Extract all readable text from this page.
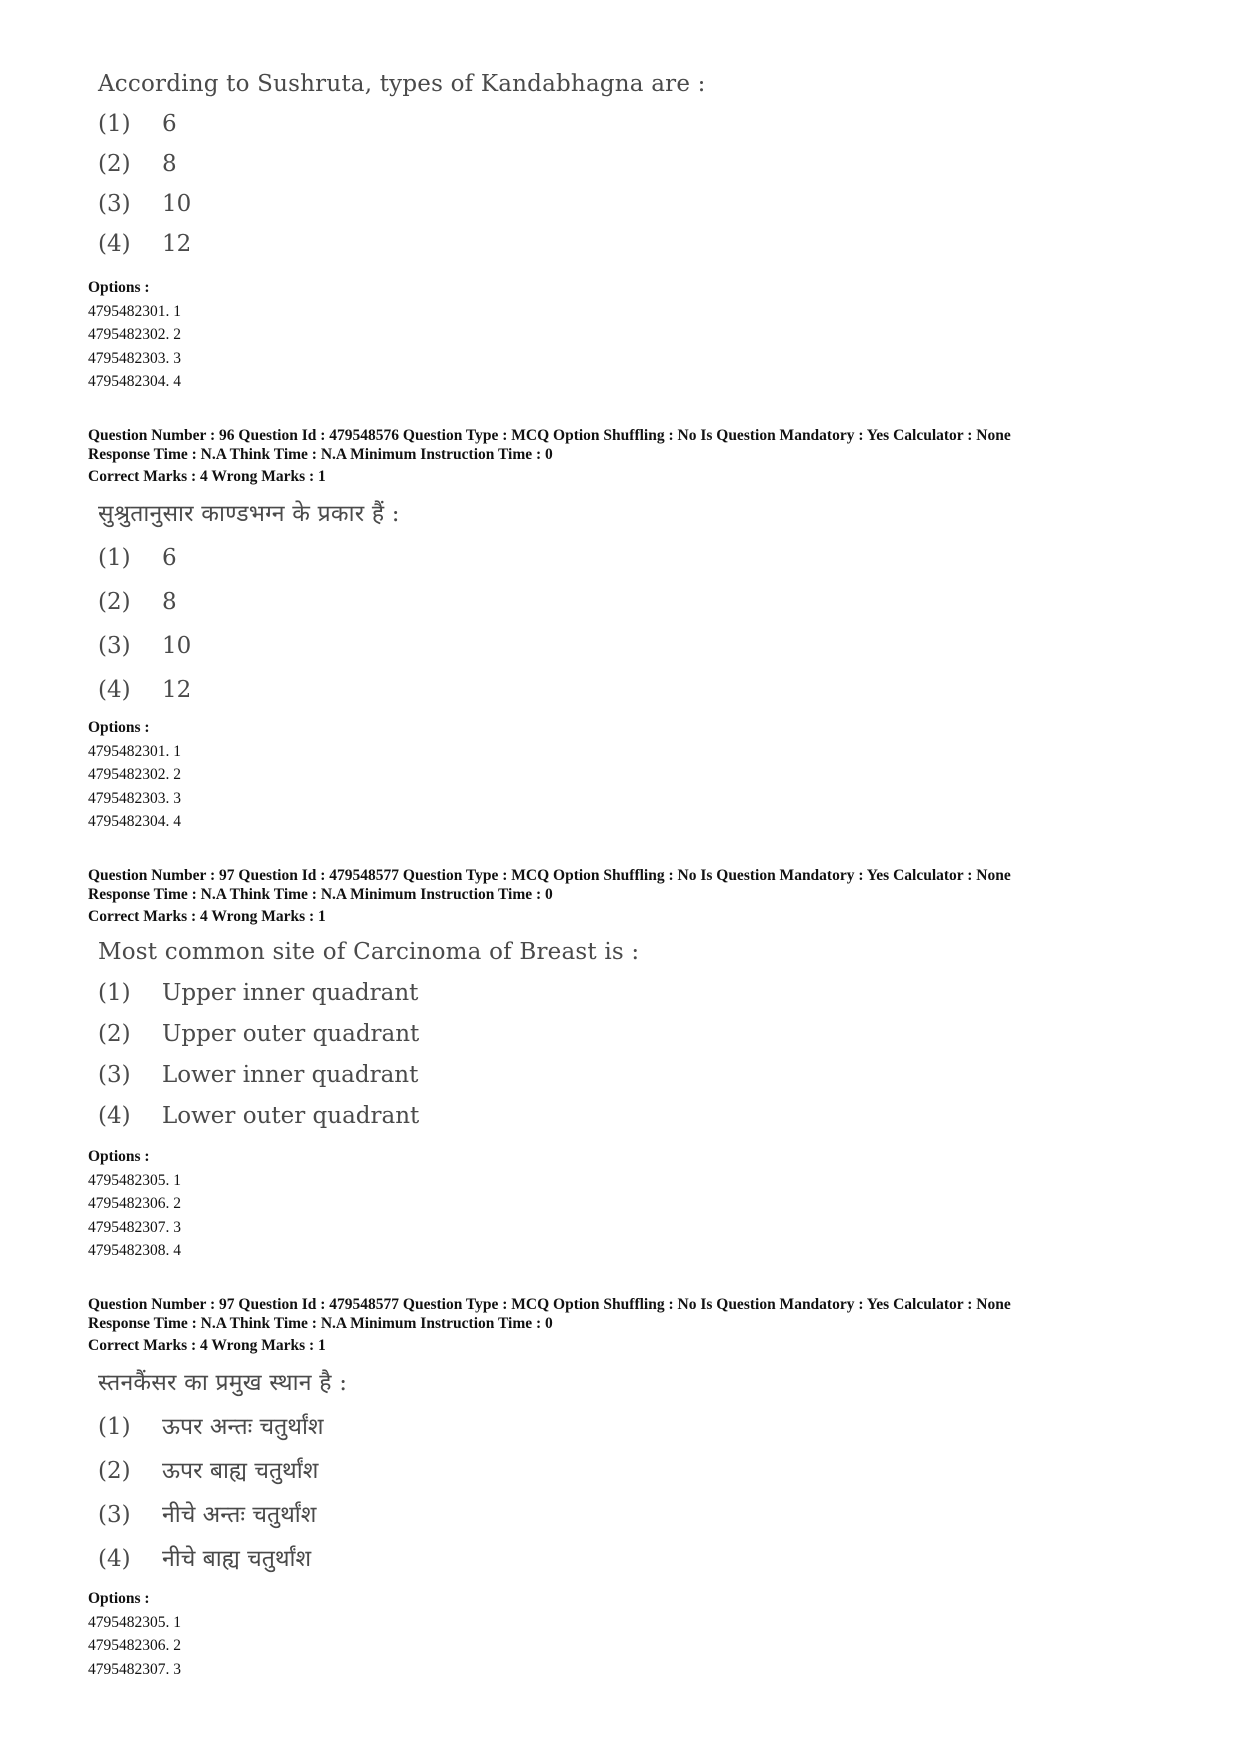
According to Sushruta, types of Kandabhagna are :
(1)	6
(2)	8
(3)	10
(4)	12
Options :
4795482301. 1
4795482302. 2
4795482303. 3
4795482304. 4
Question Number : 96 Question Id : 479548576 Question Type : MCQ Option Shuffling : No Is Question Mandatory : Yes Calculator : None
Response Time : N.A Think Time : N.A Minimum Instruction Time : 0
Correct Marks : 4 Wrong Marks : 1
सुश्रुतानुसार काण्डभग्न के प्रकार हैं :
(1)	6
(2)	8
(3)	10
(4)	12
Options :
4795482301. 1
4795482302. 2
4795482303. 3
4795482304. 4
Question Number : 97 Question Id : 479548577 Question Type : MCQ Option Shuffling : No Is Question Mandatory : Yes Calculator : None
Response Time : N.A Think Time : N.A Minimum Instruction Time : 0
Correct Marks : 4 Wrong Marks : 1
Most common site of Carcinoma of Breast is :
(1)	Upper inner quadrant
(2)	Upper outer quadrant
(3)	Lower inner quadrant
(4)	Lower outer quadrant
Options :
4795482305. 1
4795482306. 2
4795482307. 3
4795482308. 4
Question Number : 97 Question Id : 479548577 Question Type : MCQ Option Shuffling : No Is Question Mandatory : Yes Calculator : None
Response Time : N.A Think Time : N.A Minimum Instruction Time : 0
Correct Marks : 4 Wrong Marks : 1
स्तनकैंसर का प्रमुख स्थान है :
(1)	ऊपर अन्तः चतुर्थांश
(2)	ऊपर बाह्य चतुर्थांश
(3)	नीचे अन्तः चतुर्थांश
(4)	नीचे बाह्य चतुर्थांश
Options :
4795482305. 1
4795482306. 2
4795482307. 3
